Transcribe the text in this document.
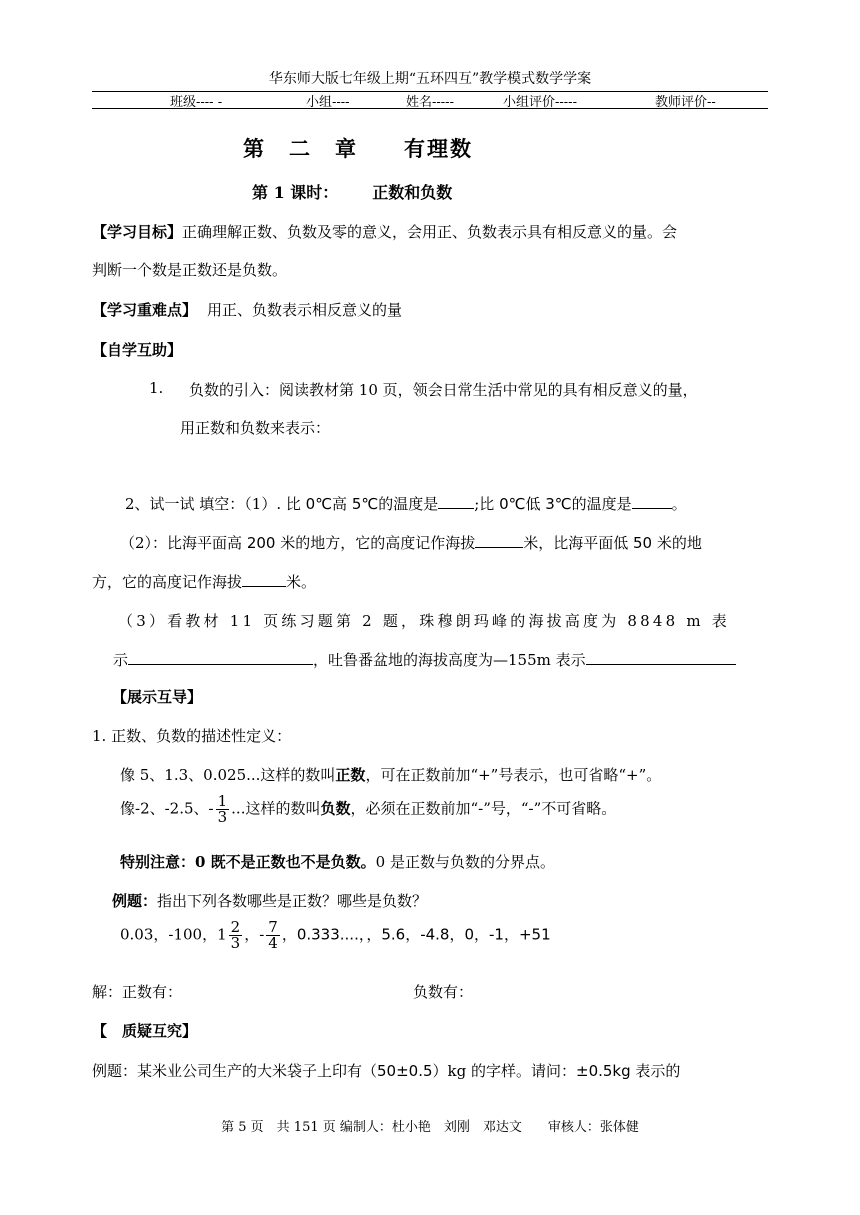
华东师大版七年级上期“五环四互”教学模式数学学案
班级---- -	小组----	姓名-----	小组评价-----	教师评价--
第　二　章　　有理数
第 1 课时： 正数和负数
【学习目标】正确理解正数、负数及零的意义，会用正、负数表示具有相反意义的量。会
判断一个数是正数还是负数。
【学习重难点】 用正、负数表示相反意义的量
【自学互助】
1. 负数的引入：阅读教材第 10 页，领会日常生活中常见的具有相反意义的量，
用正数和负数来表示：
2、试一试 填空：（1）. 比 0℃高 5℃的温度是 ;比 0℃低 3℃的温度是	。
（2）：比海平面高 200 米的地方，它的高度记作海拔	米，比海平面低 50 米的地
方，它的高度记作海拔	米。
（3）看教材 11 页练习题第 2 题，珠穆朗玛峰的海拔高度为 8848 m 表
示	，吐鲁番盆地的海拔高度为—155m 表示
【展示互导】
1. 正数、负数的描述性定义：
像 5、1.3、0.025...这样的数叫正数，可在正数前加“+”号表示，也可省略“+”。
像-2、-2.5、- $\frac{1}{3}$ ...这样的数叫负数，必须在正数前加“-”号，“-”不可省略。
特别注意：0 既不是正数也不是负数。0 是正数与负数的分界点。
例题：指出下列各数哪些是正数？哪些是负数？
0.03，-100，$1 \frac{2}{3}$ ，- $\frac{7}{4}$ ，0.333....，，5.6，-4.8，0，-1，+51
解：正数有：	负数有：
【　质疑互究】
例题：某米业公司生产的大米袋子上印有（50±0.5）kg 的字样。请问：±0.5kg 表示的
第 5 页　共 151 页 编制人：杜小艳　刘刚　邓达文　　审核人：张体健
